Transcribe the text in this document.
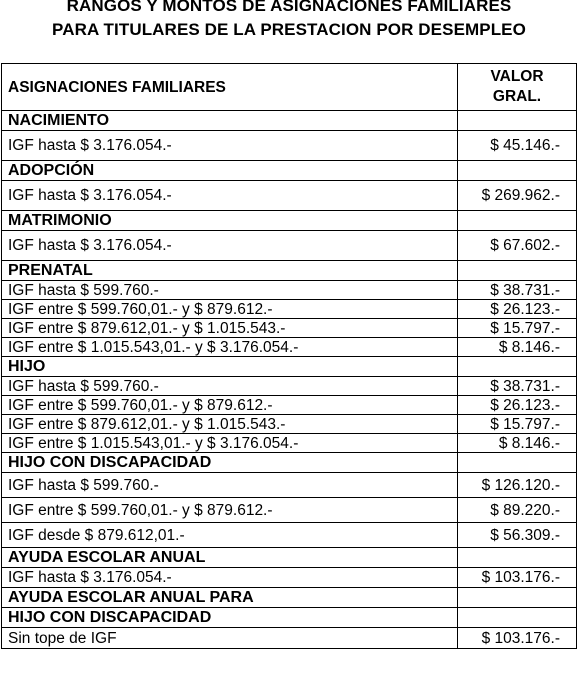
RANGOS Y MONTOS DE ASIGNACIONES FAMILIARES
PARA TITULARES DE LA PRESTACION POR DESEMPLEO
ASIGNACIONES FAMILIARES	VALOR
GRAL.
NACIMIENTO	
IGF hasta $ 3.176.054.-	$ 45.146.-
ADOPCIÓN	
IGF hasta $ 3.176.054.-	$ 269.962.-
MATRIMONIO	
IGF hasta $ 3.176.054.-	$ 67.602.-
PRENATAL	
IGF hasta $ 599.760.-	$ 38.731.-
IGF entre $ 599.760,01.- y $ 879.612.-	$ 26.123.-
IGF entre $ 879.612,01.- y $ 1.015.543.-	$ 15.797.-
IGF entre $ 1.015.543,01.- y $ 3.176.054.-	$ 8.146.-
HIJO	
IGF hasta $ 599.760.-	$ 38.731.-
IGF entre $ 599.760,01.- y $ 879.612.-	$ 26.123.-
IGF entre $ 879.612,01.- y $ 1.015.543.-	$ 15.797.-
IGF entre $ 1.015.543,01.- y $ 3.176.054.-	$ 8.146.-
HIJO CON DISCAPACIDAD	
IGF hasta $ 599.760.-	$ 126.120.-
IGF entre $ 599.760,01.- y $ 879.612.-	$ 89.220.-
IGF desde $ 879.612,01.-	$ 56.309.-
AYUDA ESCOLAR ANUAL	
IGF hasta $ 3.176.054.-	$ 103.176.-
AYUDA ESCOLAR ANUAL PARA	
HIJO CON DISCAPACIDAD	
Sin tope de IGF	$ 103.176.-
